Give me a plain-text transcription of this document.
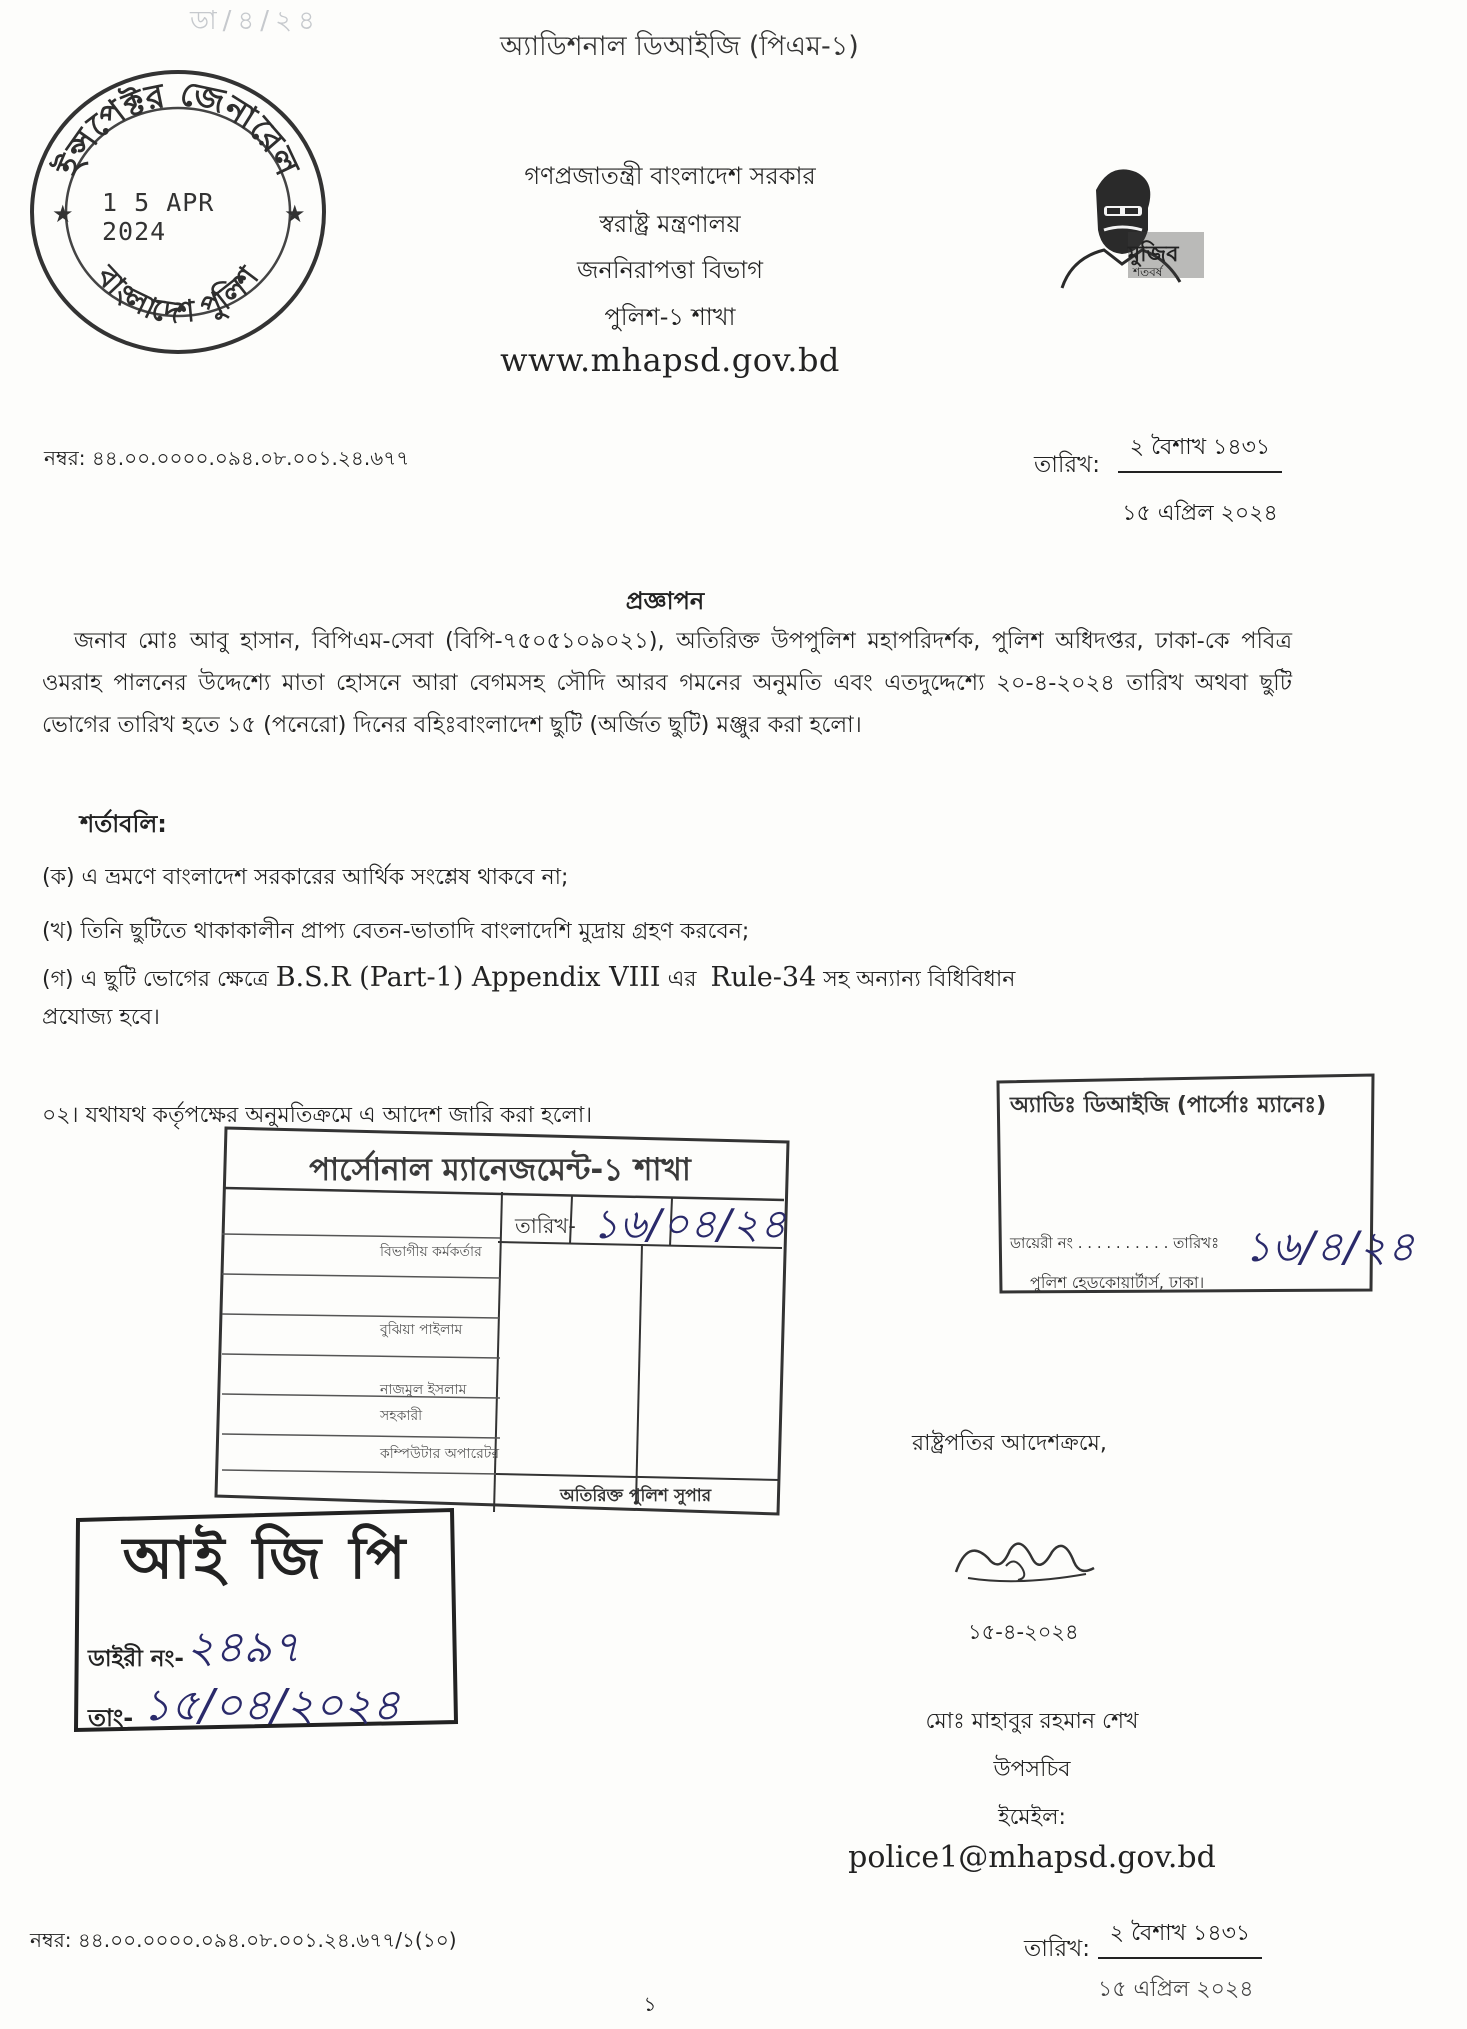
ডা/৪/২৪
অ্যাডিশনাল ডিআইজি (পিএম-১)
ইন্সপেক্টর জেনারেল
বাংলাদেশ পুলিশ
★	★
1 5 APR 2024
গণপ্রজাতন্ত্রী বাংলাদেশ সরকার
স্বরাষ্ট্র মন্ত্রণালয়
জননিরাপত্তা বিভাগ
পুলিশ-১ শাখা
www.mhapsd.gov.bd
মুজিব
শতবর্ষ
নম্বর: ৪৪.০০.০০০০.০৯৪.০৮.০০১.২৪.৬৭৭	তারিখ:
২ বৈশাখ ১৪৩১
১৫ এপ্রিল ২০২৪
প্রজ্ঞাপন
জনাব মোঃ আবু হাসান, বিপিএম-সেবা (বিপি-৭৫০৫১০৯০২১), অতিরিক্ত উপপুলিশ মহাপরিদর্শক, পুলিশ অধিদপ্তর, ঢাকা-কে পবিত্র ওমরাহ পালনের উদ্দেশ্যে মাতা হোসনে আরা বেগমসহ সৌদি আরব গমনের অনুমতি এবং এতদুদ্দেশ্যে ২০-৪-২০২৪ তারিখ অথবা ছুটি ভোগের তারিখ হতে ১৫ (পনেরো) দিনের বহিঃবাংলাদেশ ছুটি (অর্জিত ছুটি) মঞ্জুর করা হলো।
শর্তাবলি:
(ক) এ ভ্রমণে বাংলাদেশ সরকারের আর্থিক সংশ্লেষ থাকবে না;
(খ) তিনি ছুটিতে থাকাকালীন প্রাপ্য বেতন-ভাতাদি বাংলাদেশি মুদ্রায় গ্রহণ করবেন;
(গ) এ ছুটি ভোগের ক্ষেত্রে B.S.R (Part-1) Appendix VIII এর Rule-34 সহ অন্যান্য বিধিবিধান
প্রযোজ্য হবে।
০২। যথাযথ কর্তৃপক্ষের অনুমতিক্রমে এ আদেশ জারি করা হলো।	অ্যাডিঃ ডিআইজি (পার্সোঃ ম্যানেঃ)
ডায়েরী নং . . . . . . . . . . তারিখঃ ১৬/৪/২৪
পুলিশ হেডকোয়ার্টার্স, ঢাকা।
পার্সোনাল ম্যানেজমেন্ট-১ শাখা
তারিখ- ১৬/০৪/২৪
বিভাগীয় কর্মকর্তার
বুঝিয়া পাইলাম
নাজমুল ইসলাম
সহকারী
কম্পিউটার অপারেটর
অতিরিক্ত পুলিশ সুপার
আই জি পি
ডাইরী নং- ২৪৯৭
তাং- ১৫/০৪/২০২৪
রাষ্ট্রপতির আদেশক্রমে,
১৫-৪-২০২৪
মোঃ মাহাবুর রহমান শেখ
উপসচিব
ইমেইল:
police1@mhapsd.gov.bd
নম্বর: ৪৪.০০.০০০০.০৯৪.০৮.০০১.২৪.৬৭৭/১(১০)	তারিখ:
২ বৈশাখ ১৪৩১
১৫ এপ্রিল ২০২৪
১
